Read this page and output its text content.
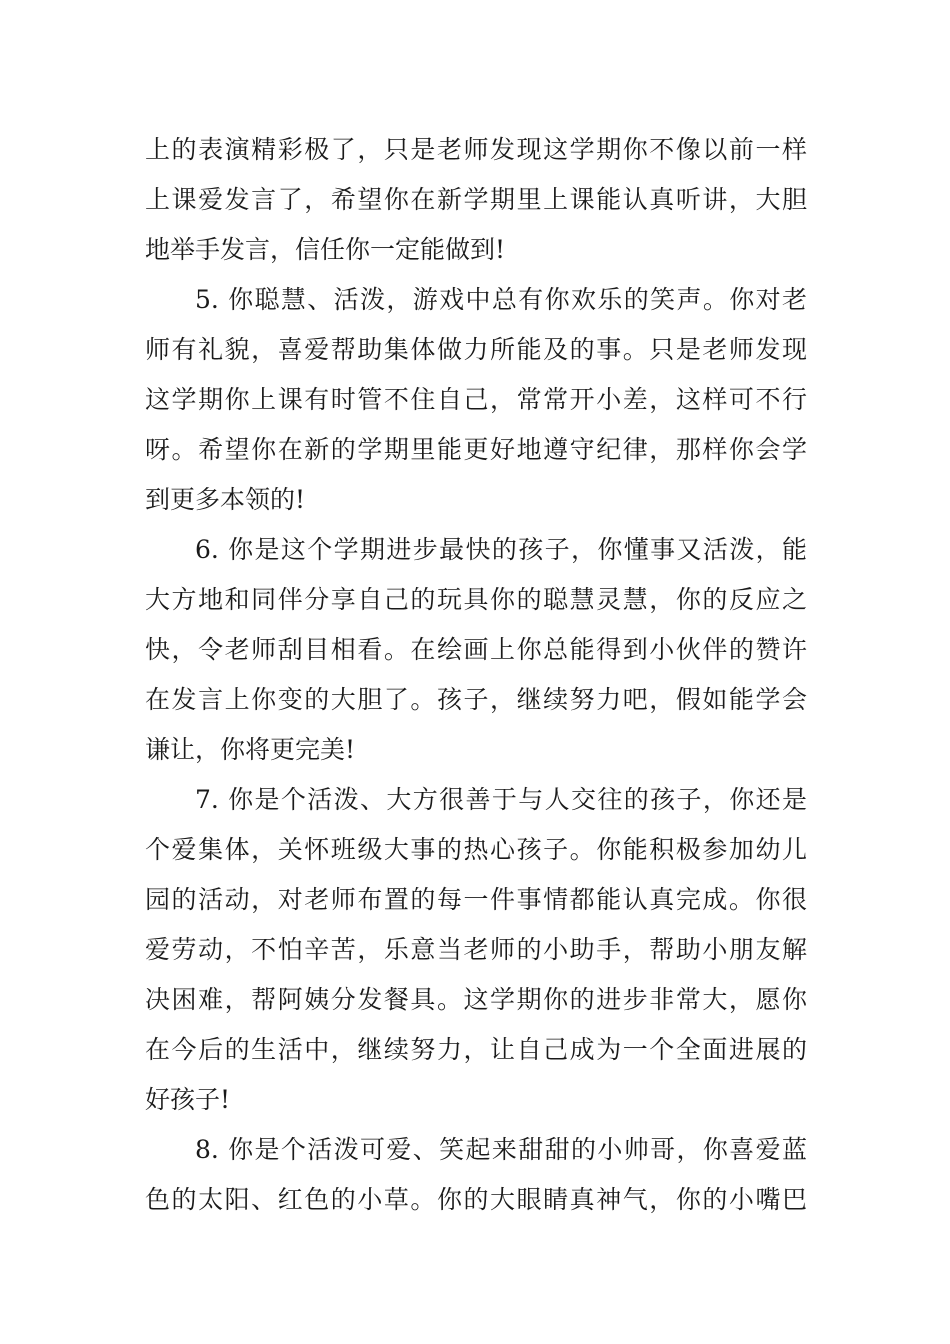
上的表演精彩极了，只是老师发现这学期你不像以前一样
上课爱发言了，希望你在新学期里上课能认真听讲，大胆
地举手发言，信任你一定能做到!
5. 你聪慧、活泼，游戏中总有你欢乐的笑声。你对老
师有礼貌，喜爱帮助集体做力所能及的事。只是老师发现
这学期你上课有时管不住自己，常常开小差，这样可不行
呀。希望你在新的学期里能更好地遵守纪律，那样你会学
到更多本领的!
6. 你是这个学期进步最快的孩子，你懂事又活泼，能
大方地和同伴分享自己的玩具你的聪慧灵慧，你的反应之
快，令老师刮目相看。在绘画上你总能得到小伙伴的赞许
在发言上你变的大胆了。孩子，继续努力吧，假如能学会
谦让，你将更完美!
7. 你是个活泼、大方很善于与人交往的孩子，你还是
个爱集体，关怀班级大事的热心孩子。你能积极参加幼儿
园的活动，对老师布置的每一件事情都能认真完成。你很
爱劳动，不怕辛苦，乐意当老师的小助手，帮助小朋友解
决困难，帮阿姨分发餐具。这学期你的进步非常大，愿你
在今后的生活中，继续努力，让自己成为一个全面进展的
好孩子!
8. 你是个活泼可爱、笑起来甜甜的小帅哥，你喜爱蓝
色的太阳、红色的小草。你的大眼睛真神气，你的小嘴巴
